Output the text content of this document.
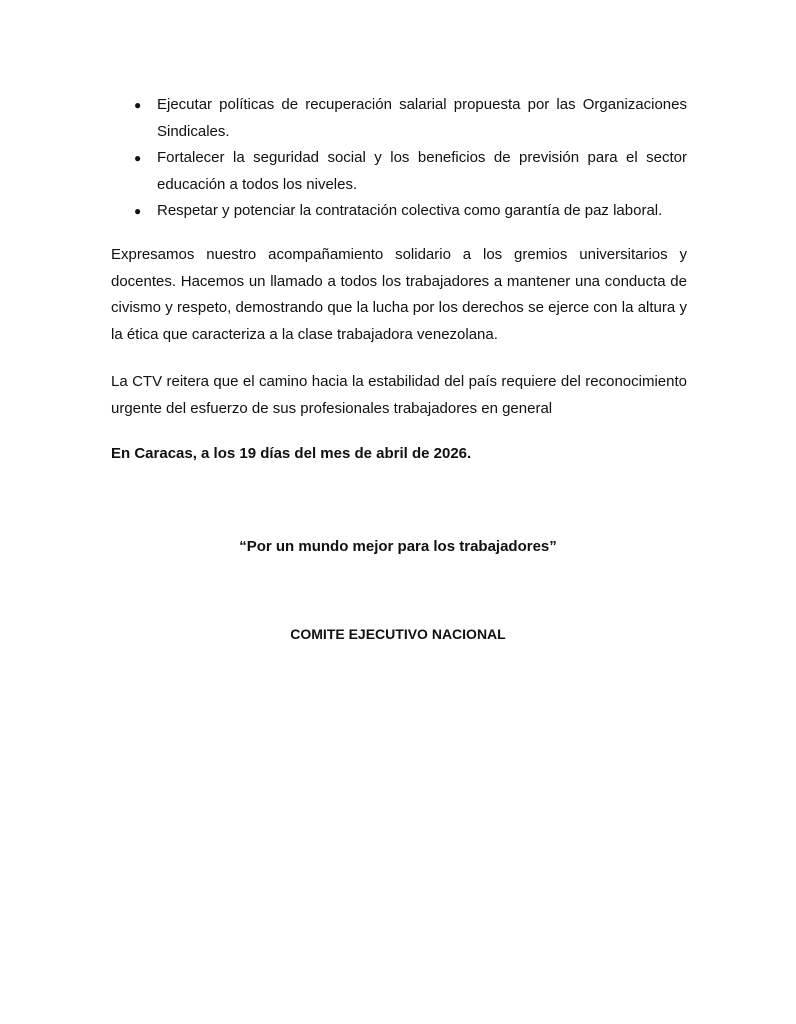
● Ejecutar políticas de recuperación salarial propuesta por las Organizaciones Sindicales.
● Fortalecer la seguridad social y los beneficios de previsión para el sector educación a todos los niveles.
● Respetar y potenciar la contratación colectiva como garantía de paz laboral.

Expresamos nuestro acompañamiento solidario a los gremios universitarios y docentes. Hacemos un llamado a todos los trabajadores a mantener una conducta de civismo y respeto, demostrando que la lucha por los derechos se ejerce con la altura y la ética que caracteriza a la clase trabajadora venezolana.

La CTV reitera que el camino hacia la estabilidad del país requiere del reconocimiento urgente del esfuerzo de sus profesionales trabajadores en general

En Caracas, a los 19 días del mes de abril de 2026.

“Por un mundo mejor para los trabajadores”

COMITE EJECUTIVO NACIONAL
